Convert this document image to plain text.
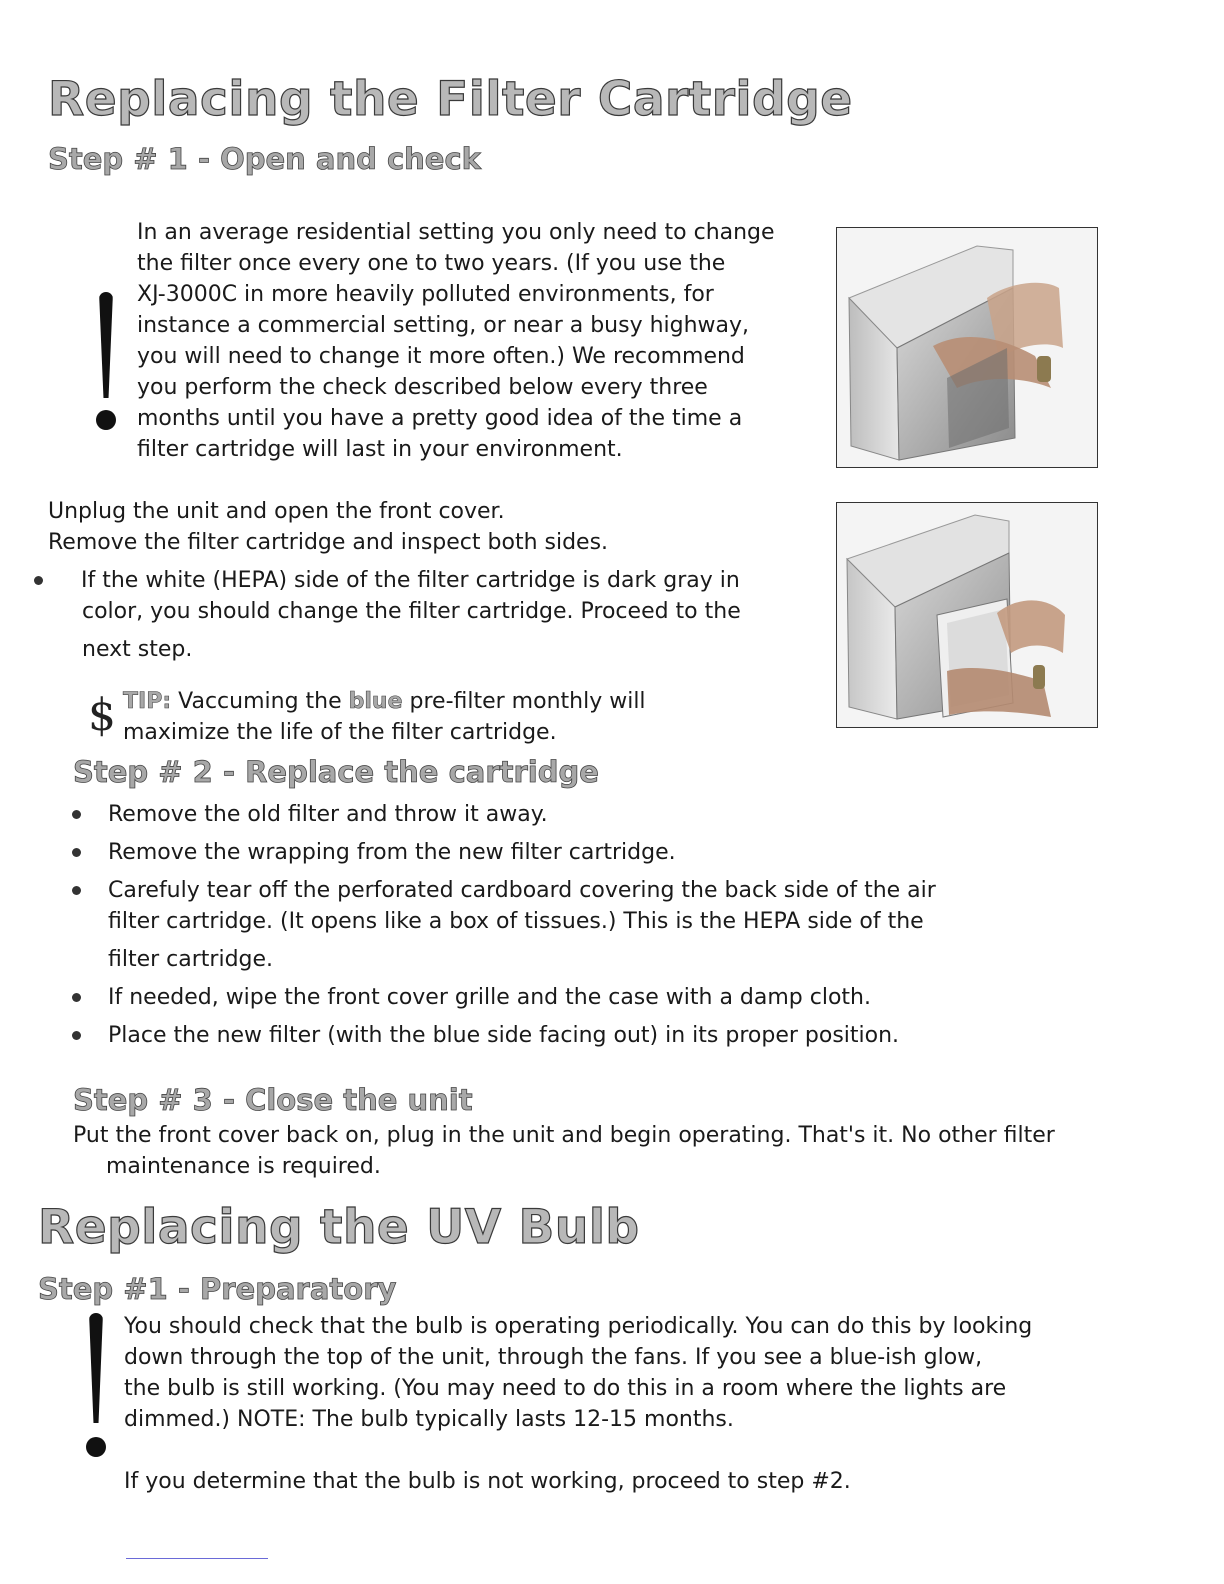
Replacing the Filter Cartridge
Step # 1 - Open and check
In an average residential setting you only need to change
the filter once every one to two years. (If you use the
XJ-3000C in more heavily polluted environments, for
instance a commercial setting, or near a busy highway,
you will need to change it more often.) We recommend
you perform the check described below every three
months until you have a pretty good idea of the time a
filter cartridge will last in your environment.
Unplug the unit and open the front cover.
Remove the filter cartridge and inspect both sides.
If the white (HEPA) side of the filter cartridge is dark gray in
color, you should change the filter cartridge. Proceed to the
next step.
$ TIP: Vaccuming the blue pre-filter monthly will
maximize the life of the filter cartridge.
Step # 2 - Replace the cartridge
Remove the old filter and throw it away.
Remove the wrapping from the new filter cartridge.
Carefuly tear off the perforated cardboard covering the back side of the air
filter cartridge. (It opens like a box of tissues.) This is the HEPA side of the
filter cartridge.
If needed, wipe the front cover grille and the case with a damp cloth.
Place the new filter (with the blue side facing out) in its proper position.
Step # 3 - Close the unit
Put the front cover back on, plug in the unit and begin operating. That's it. No other filter
maintenance is required.
Replacing the UV Bulb
Step #1 - Preparatory
You should check that the bulb is operating periodically. You can do this by looking
down through the top of the unit, through the fans. If you see a blue-ish glow,
the bulb is still working. (You may need to do this in a room where the lights are
dimmed.) NOTE: The bulb typically lasts 12-15 months.
If you determine that the bulb is not working, proceed to step #2.
